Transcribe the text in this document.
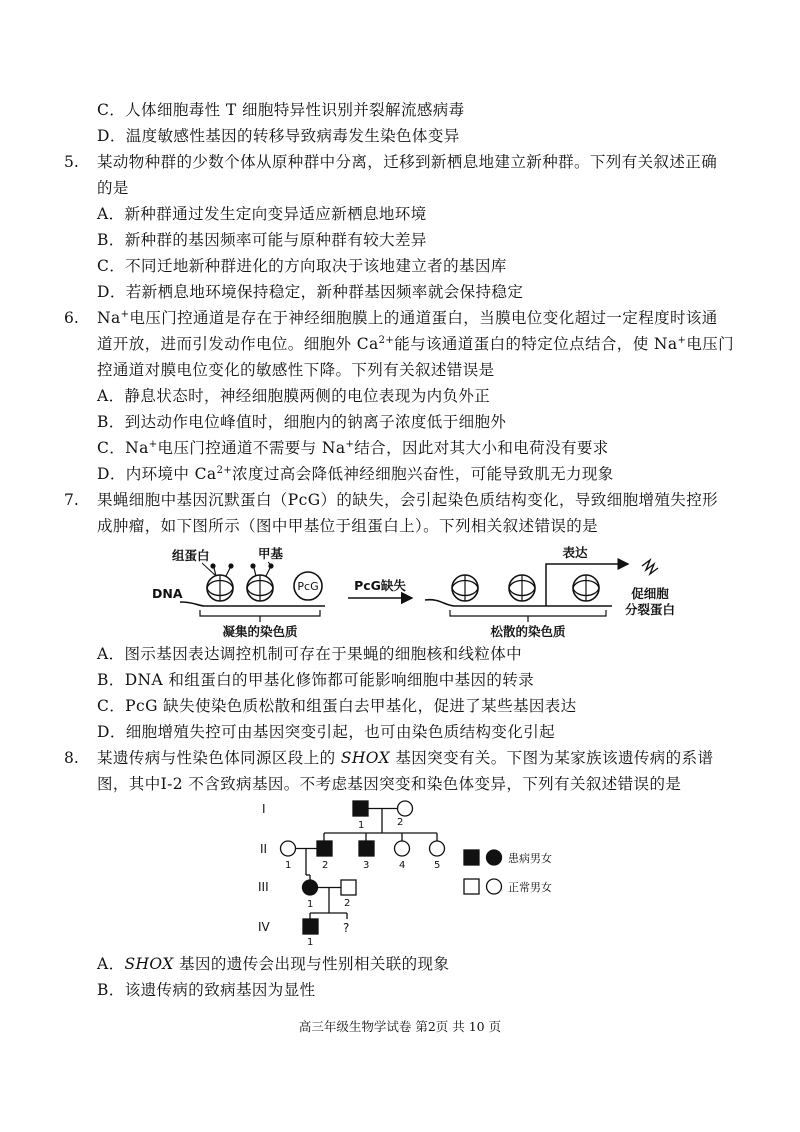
C．人体细胞毒性 T 细胞特异性识别并裂解流感病毒
D．温度敏感性基因的转移导致病毒发生染色体变异
5. 某动物种群的少数个体从原种群中分离，迁移到新栖息地建立新种群。下列有关叙述正确
的是
A．新种群通过发生定向变异适应新栖息地环境
B．新种群的基因频率可能与原种群有较大差异
C．不同迁地新种群进化的方向取决于该地建立者的基因库
D．若新栖息地环境保持稳定，新种群基因频率就会保持稳定
6. Na+电压门控通道是存在于神经细胞膜上的通道蛋白，当膜电位变化超过一定程度时该通
道开放，进而引发动作电位。细胞外 $Ca^{2+}$能与该通道蛋白的特定位点结合，使 Na+电压门
控通道对膜电位变化的敏感性下降。下列有关叙述错误是
A．静息状态时，神经细胞膜两侧的电位表现为内负外正
B．到达动作电位峰值时，细胞内的钠离子浓度低于细胞外
C．Na+电压门控通道不需要与 Na+结合，因此对其大小和电荷没有要求
D．内环境中 $Ca^{2+}$浓度过高会降低神经细胞兴奋性，可能导致肌无力现象
7. 果蝇细胞中基因沉默蛋白（PcG）的缺失，会引起染色质结构变化，导致细胞增殖失控形
成肿瘤，如下图所示（图中甲基位于组蛋白上）。下列相关叙述错误的是
PcG
组蛋白	甲基
DNA
凝集的染色质
PcG缺失
表达
促细胞
分裂蛋白
松散的染色质
A．图示基因表达调控机制可存在于果蝇的细胞核和线粒体中
B．DNA 和组蛋白的甲基化修饰都可能影响细胞中基因的转录
C．PcG 缺失使染色质松散和组蛋白去甲基化，促进了某些基因表达
D．细胞增殖失控可由基因突变引起，也可由染色质结构变化引起
8. 某遗传病与性染色体同源区段上的 SHOX 基因突变有关。下图为某家族该遗传病的系谱
图，其中I-2 不含致病基因。不考虑基因突变和染色体变异，下列有关叙述错误的是
I
II
III
IV
1	2
1	2	3	4	5
1	2
1
?
患病男女
正常男女
A．SHOX 基因的遗传会出现与性别相关联的现象
B．该遗传病的致病基因为显性
高三年级生物学试卷 第2页 共 10 页
